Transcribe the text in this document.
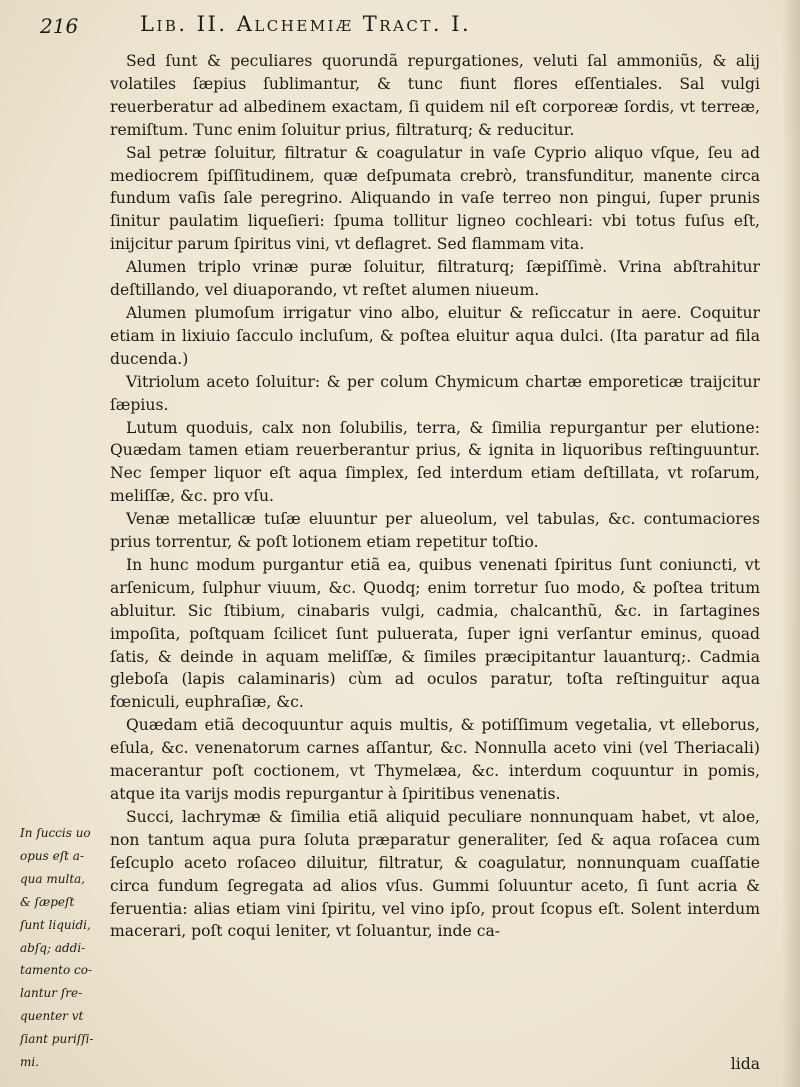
216	Lib. II. Alchemiæ Tract. I.

Sed ſunt & peculiares quorundã repurgationes, veluti ſal ammoniũs, & alij volatiles ſæpius ſublimantur, & tunc fiunt flores eſſentiales. Sal vulgi reuerberatur ad albedinem exactam, ſi quidem nil eſt corporeæ ſordis, vt terreæ, remiſtum. Tunc enim ſoluitur prius, filtraturq; & reducitur.

Sal petræ ſoluitur, filtratur & coagulatur in vaſe Cyprio aliquo vſque, ſeu ad mediocrem ſpiſſitudinem, quæ deſpumata crebrò, transfunditur, manente circa fundum vaſis ſale peregrino. Aliquando in vaſe terreo non pingui, ſuper prunis ſinitur paulatim liqueſieri: ſpuma tollitur ligneo cochleari: vbi totus fuſus eſt, inijcitur parum ſpiritus vini, vt deflagret. Sed flammam vita.

Alumen triplo vrinæ puræ ſoluitur, filtraturq; ſæpiſſimè. Vrina abſtrahitur deſtillando, vel diuaporando, vt reſtet alumen niueum.

Alumen plumoſum irrigatur vino albo, eluitur & reſiccatur in aere. Coquitur etiam in lixiuio ſacculo incluſum, & poſtea eluitur aqua dulci. (Ita paratur ad fila ducenda.)

Vitriolum aceto ſoluitur: & per colum Chymicum chartæ emporeticæ traijcitur ſæpius.

Lutum quoduis, calx non ſolubilis, terra, & ſimilia repurgantur per elutione: Quædam tamen etiam reuerberantur prius, & ignita in liquoribus reſtinguuntur. Nec ſemper liquor eſt aqua ſimplex, ſed interdum etiam deſtillata, vt roſarum, meliſſæ, &c. pro vſu.

Venæ metallicæ tuſæ eluuntur per alueolum, vel tabulas, &c. contumaciores prius torrentur, & poſt lotionem etiam repetitur toſtio.

In hunc modum purgantur etiã ea, quibus venenati ſpiritus ſunt coniuncti, vt arſenicum, ſulphur viuum, &c. Quodq; enim torretur ſuo modo, & poſtea tritum abluitur. Sic ſtibium, cinabaris vulgi, cadmia, chalcanthũ, &c. in ſartagines impoſita, poſtquam ſcilicet ſunt puluerata, ſuper igni verſantur eminus, quoad ſatis, & deinde in aquam meliſſæ, & ſimiles præcipitantur lauanturq;. Cadmia gleboſa (lapis calaminaris) cùm ad oculos paratur, toſta reſtinguitur aqua fœniculi, euphraſiæ, &c.

Quædam etiã decoquuntur aquis multis, & potiſſimum vegetalia, vt elleborus, eſula, &c. venenatorum carnes aſſantur, &c. Nonnulla aceto vini (vel Theriacali) macerantur poſt coctionem, vt Thymelæa, &c. interdum coquuntur in pomis, atque ita varijs modis repurgantur à ſpiritibus venenatis.

Succi, lachrymæ & ſimilia etiã aliquid peculiare nonnunquam habet, vt aloe, non tantum aqua pura ſoluta præparatur generaliter, ſed & aqua roſacea cum ſeſcuplo aceto roſaceo diluitur, filtratur, & coagulatur, nonnunquam cuaſſatie circa fundum ſegregata ad alios vſus. Gummi ſoluuntur aceto, ſi ſunt acria & feruentia: alias etiam vini ſpiritu, vel vino ipſo, prout ſcopus eſt. Solent interdum macerari, poſt coqui leniter, vt ſoluantur, inde ca-

In ſuccis uo
opus eſt a-
qua multa,
& ſæpeſt
ſunt liquidi,
abſq; addi-
tamento co-
lantur ſre-
quenter vt
ſiant puriſſi-
mi.	lida
